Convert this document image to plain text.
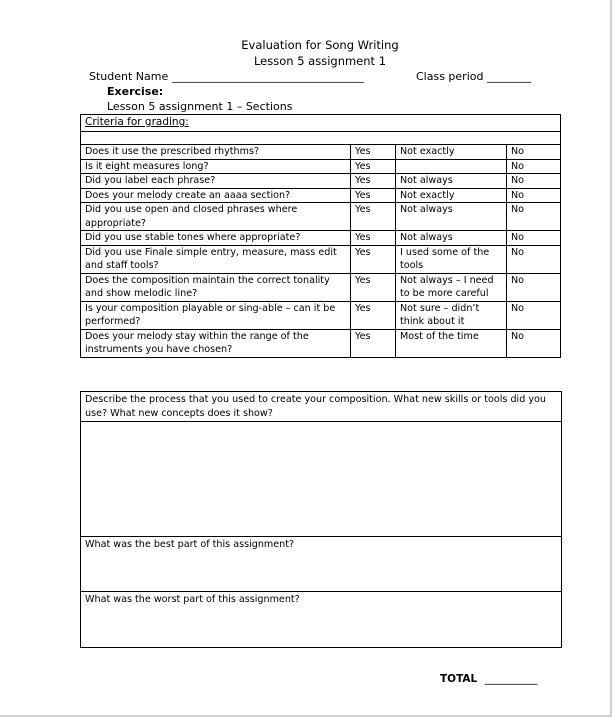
Evaluation for Song Writing
Lesson 5 assignment 1
Student Name ___________________________________	Class period ________
Exercise:
Lesson 5 assignment 1 – Sections
Criteria for grading:			

Does it use the prescribed rhythms?	Yes	Not exactly	No
Is it eight measures long?	Yes		No
Did you label each phrase?	Yes	Not always	No
Does your melody create an aaaa section?	Yes	Not exactly	No
Did you use open and closed phrases where appropriate?	Yes	Not always	No
Did you use stable tones where appropriate?	Yes	Not always	No
Did you use Finale simple entry, measure, mass edit and staff tools?	Yes	I used some of the tools	No
Does the composition maintain the correct tonality and show melodic line?	Yes	Not always – I need to be more careful	No
Is your composition playable or sing-able – can it be performed?	Yes	Not sure – didn’t think about it	No
Does your melody stay within the range of the instruments you have chosen?	Yes	Most of the time	No
Describe the process that you used to create your composition. What new skills or tools did you use? What new concepts does it show?

What was the best part of this assignment?
What was the worst part of this assignment?
TOTAL __________
